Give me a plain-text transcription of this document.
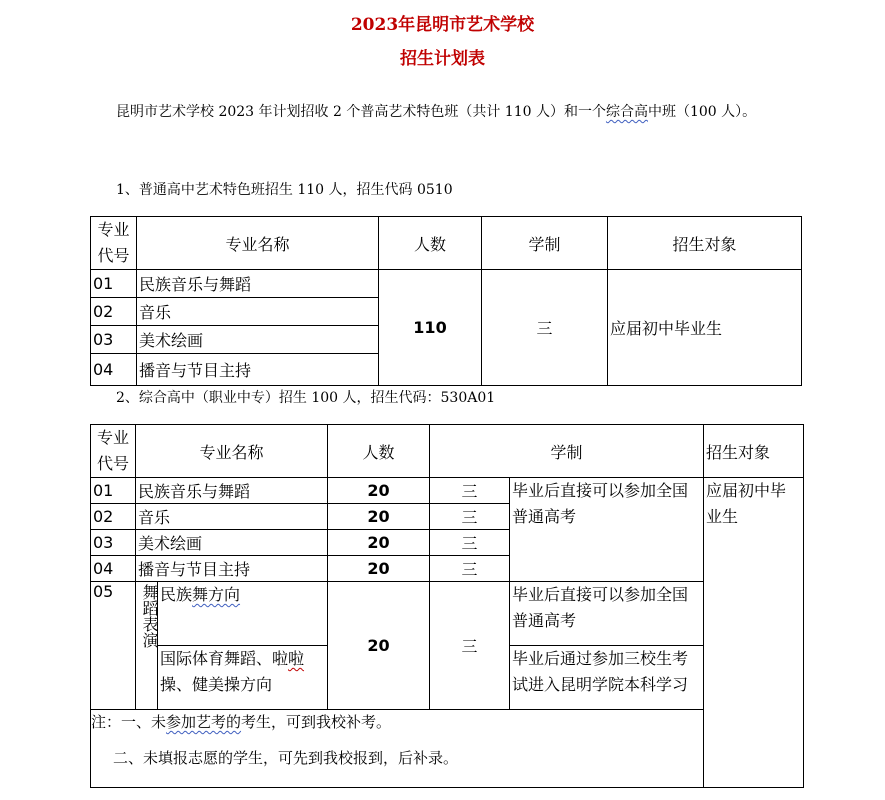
2023年昆明市艺术学校
招生计划表
昆明市艺术学校 2023 年计划招收 2 个普高艺术特色班（共计 110 人）和一个综合高中班（100 人）。
1、普通高中艺术特色班招生 110 人，招生代码 0510
专业代号	专业名称	人数	学制	招生对象
01	民族音乐与舞蹈	110	三	应届初中毕业生
02	音乐			
03	美术绘画			
04	播音与节目主持			
2、综合高中（职业中专）招生 100 人，招生代码：530A01
专业代号	专业名称		人数	学制		招生对象
01	民族音乐与舞蹈		20	三	毕业后直接可以参加全国普通高考	应届初中毕业生
02	音乐		20	三		
03	美术绘画		20	三		
04	播音与节目主持		20	三		
05	舞蹈表演	民族舞方向	20	三	毕业后直接可以参加全国普通高考	
		国际体育舞蹈、啦啦操、健美操方向			毕业后通过参加三校生考试进入昆明学院本科学习	

注：一、未参加艺考的考生，可到我校补考。
二、未填报志愿的学生，可先到我校报到，后补录。						
